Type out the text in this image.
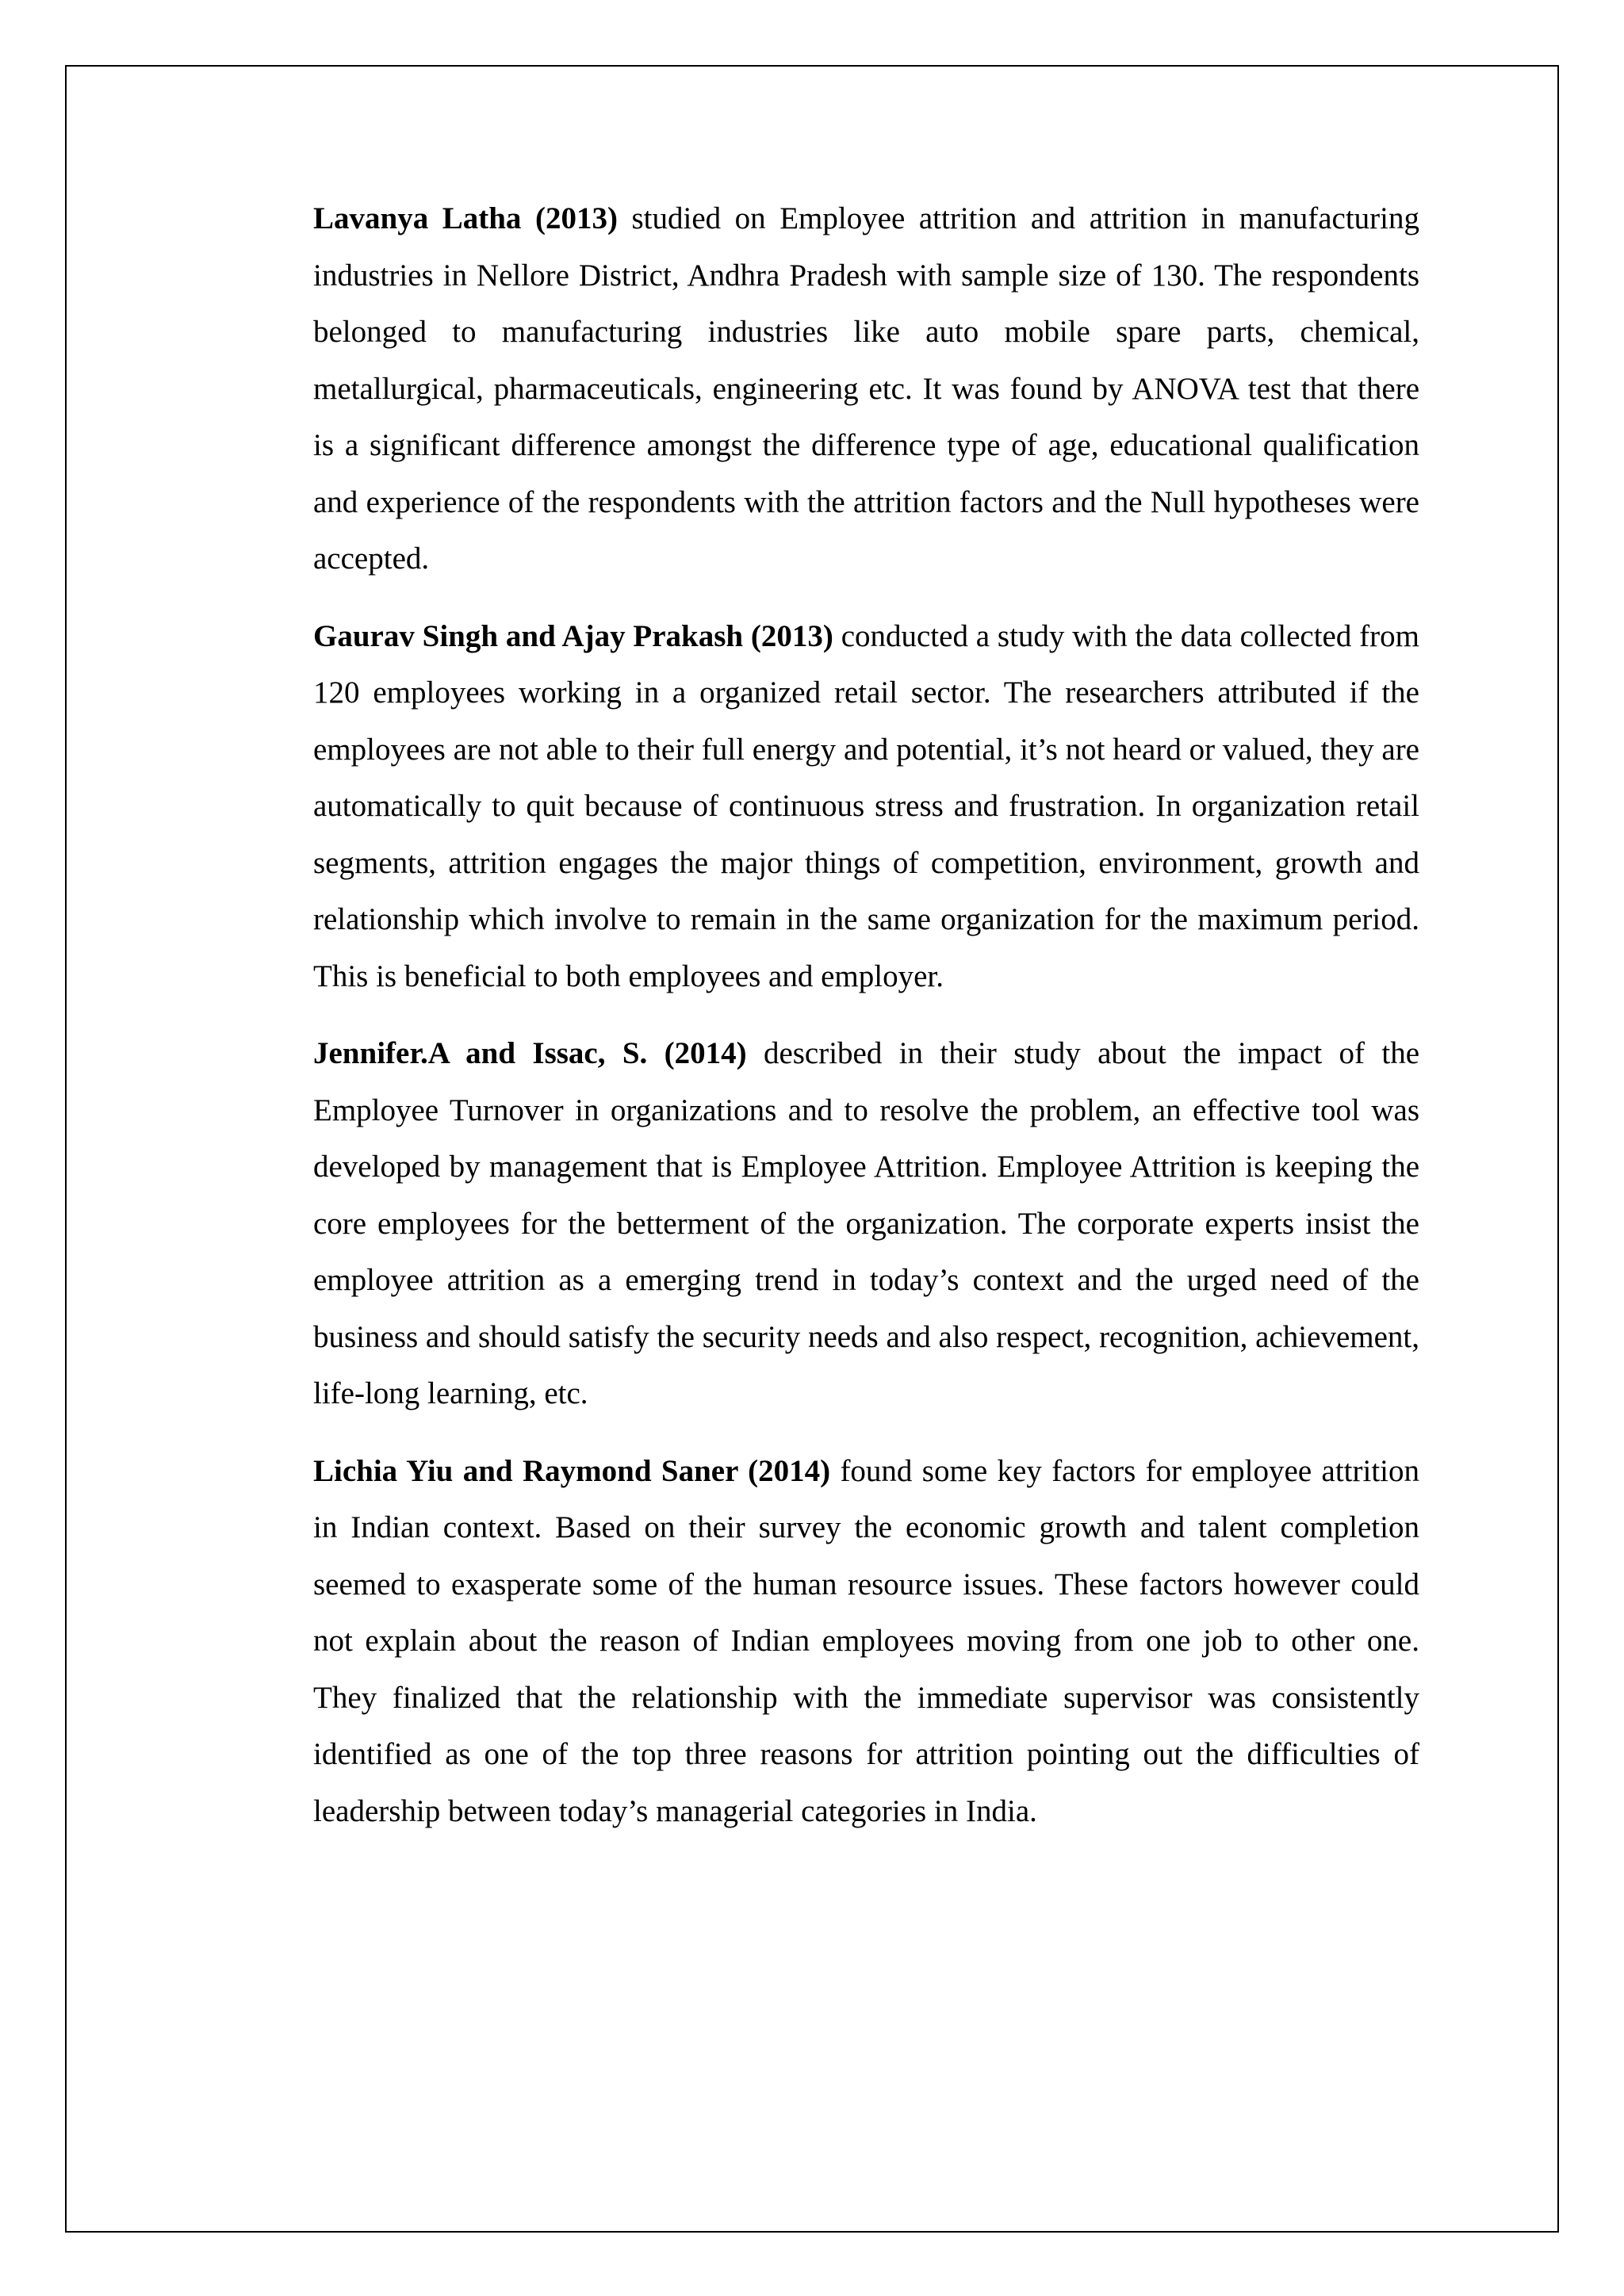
Lavanya Latha (2013) studied on Employee attrition and attrition in manufacturing industries in Nellore District, Andhra Pradesh with sample size of 130. The respondents belonged to manufacturing industries like auto mobile spare parts, chemical, metallurgical, pharmaceuticals, engineering etc. It was found by ANOVA test that there is a significant difference amongst the difference type of age, educational qualification and experience of the respondents with the attrition factors and the Null hypotheses were accepted.

Gaurav Singh and Ajay Prakash (2013) conducted a study with the data collected from 120 employees working in a organized retail sector. The researchers attributed if the employees are not able to their full energy and potential, it’s not heard or valued, they are automatically to quit because of continuous stress and frustration. In organization retail segments, attrition engages the major things of competition, environment, growth and relationship which involve to remain in the same organization for the maximum period. This is beneficial to both employees and employer.

Jennifer.A and Issac, S. (2014) described in their study about the impact of the Employee Turnover in organizations and to resolve the problem, an effective tool was developed by management that is Employee Attrition. Employee Attrition is keeping the core employees for the betterment of the organization. The corporate experts insist the employee attrition as a emerging trend in today’s context and the urged need of the business and should satisfy the security needs and also respect, recognition, achievement, life-long learning, etc.

Lichia Yiu and Raymond Saner (2014) found some key factors for employee attrition in Indian context. Based on their survey the economic growth and talent completion seemed to exasperate some of the human resource issues. These factors however could not explain about the reason of Indian employees moving from one job to other one. They finalized that the relationship with the immediate supervisor was consistently identified as one of the top three reasons for attrition pointing out the difficulties of leadership between today’s managerial categories in India.
